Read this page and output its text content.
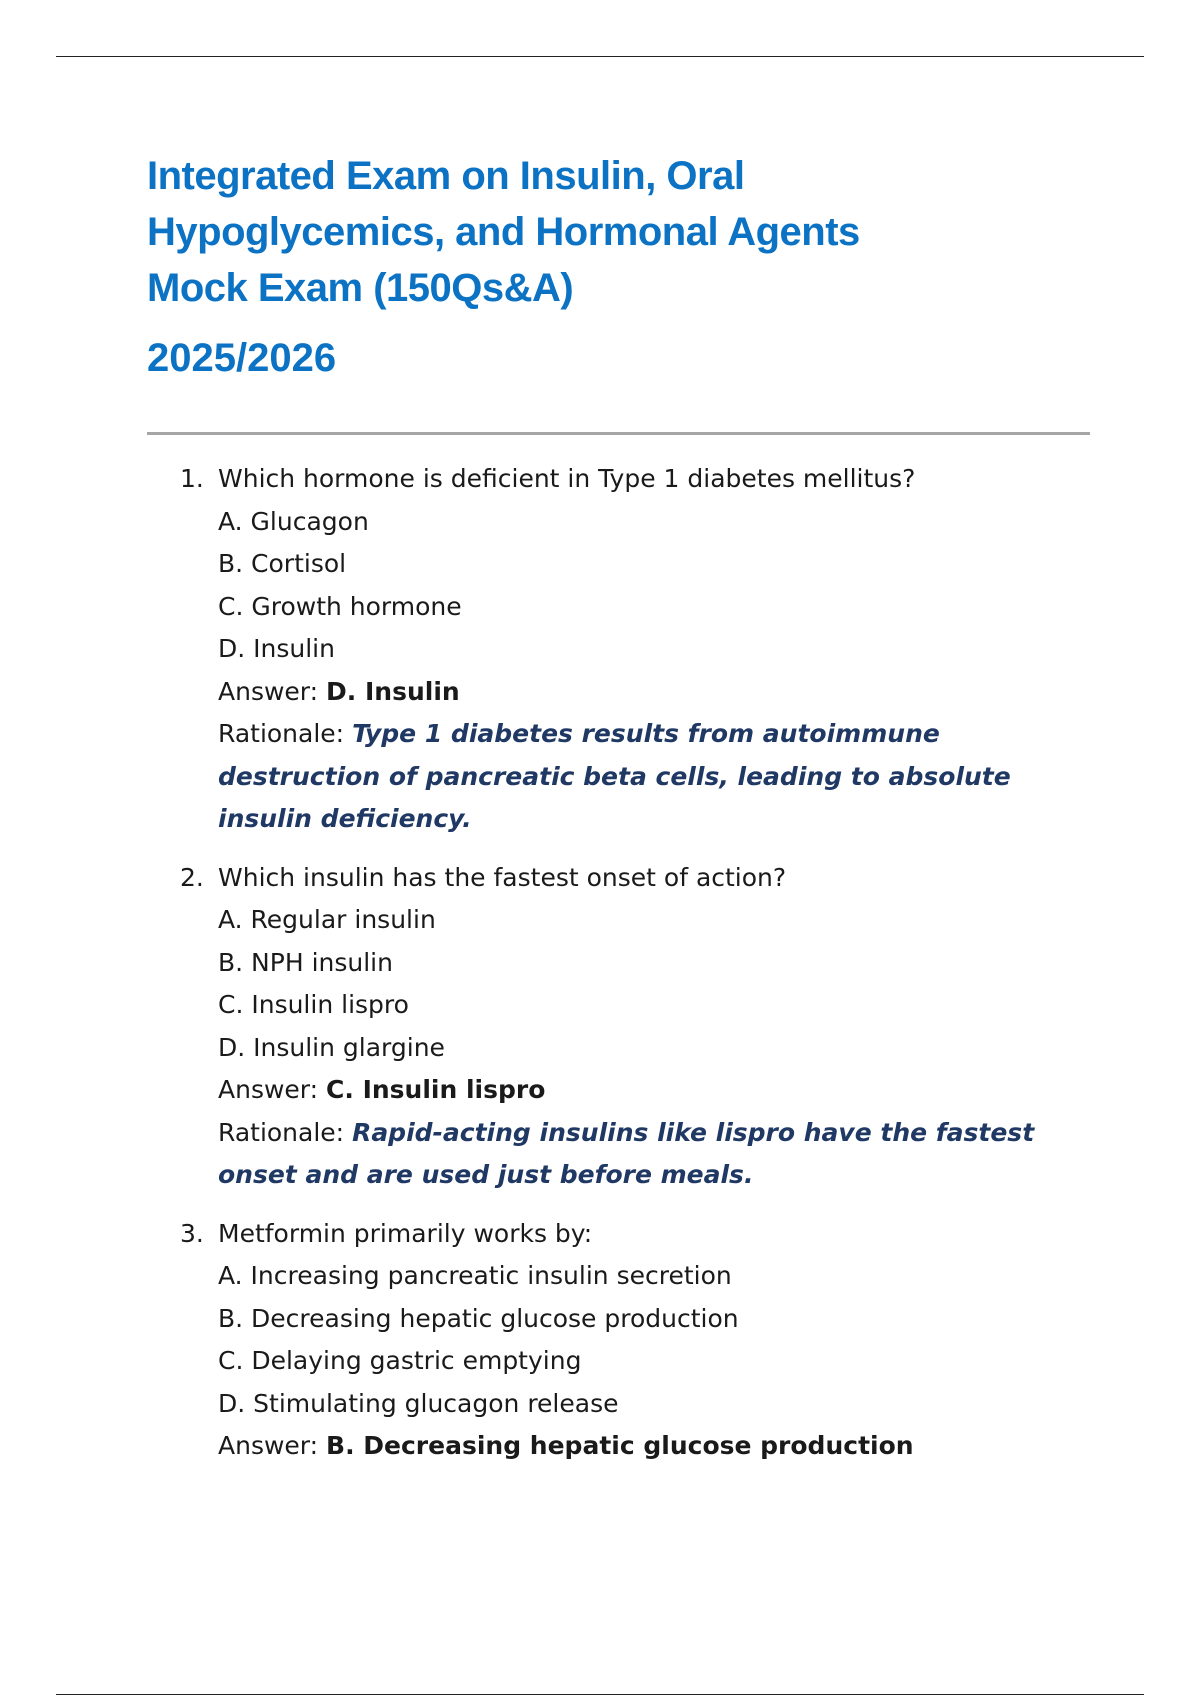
Integrated Exam on Insulin, Oral
Hypoglycemics, and Hormonal Agents
Mock Exam (150Qs&A)
2025/2026
1. Which hormone is deficient in Type 1 diabetes mellitus?
A. Glucagon
B. Cortisol
C. Growth hormone
D. Insulin
Answer: D. Insulin
Rationale: Type 1 diabetes results from autoimmune destruction of pancreatic beta cells, leading to absolute insulin deficiency.
2. Which insulin has the fastest onset of action?
A. Regular insulin
B. NPH insulin
C. Insulin lispro
D. Insulin glargine
Answer: C. Insulin lispro
Rationale: Rapid-acting insulins like lispro have the fastest onset and are used just before meals.
3. Metformin primarily works by:
A. Increasing pancreatic insulin secretion
B. Decreasing hepatic glucose production
C. Delaying gastric emptying
D. Stimulating glucagon release
Answer: B. Decreasing hepatic glucose production
